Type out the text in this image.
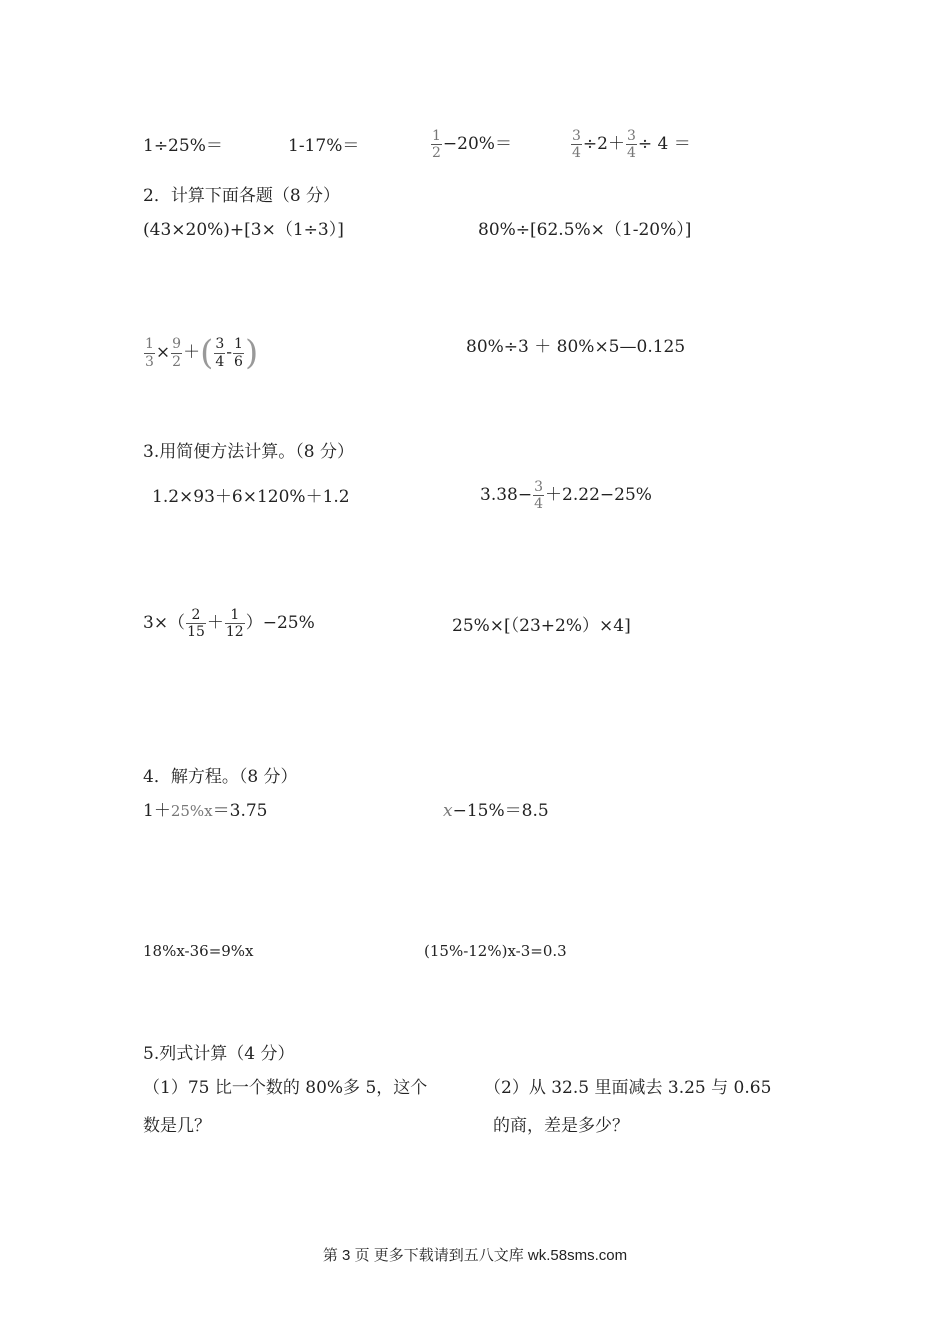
1÷25%＝	1-17%＝	$\frac{1}{2} -20\%=$	$\frac{3}{4} \div 2+ \frac{3}{4} \div 4$ ＝
2．计算下面各题（8 分）
(43×20%)+[3×（1÷3）]	80%÷[62.5%×（1-20%）]
$\frac{1}{3} \times \frac{9}{2}$ ＋( $\frac{3}{4} - \frac{1}{6}$ )	80%÷3 ＋ 80%×5—0.125
3.用简便方法计算。（8 分）
1.2×93＋6×120%＋1.2	$3.38- \frac{3}{4} +2.22-25\%$
$3\times( \frac{2}{15} + \frac{1}{12} )-25\%$	25%×[（23+2%）×4]
4．解方程。（8 分）
1＋25%x＝3.75	x−15%＝8.5
18%x-36=9%x	(15%-12%)x-3=0.3
5.列式计算（4 分）
（1）75 比一个数的 80%多 5，这个
数是几？
（2）从 32.5 里面减去 3.25 与 0.65
的商，差是多少？
第 3 页 更多下载请到五八文库 wk.58sms.com
